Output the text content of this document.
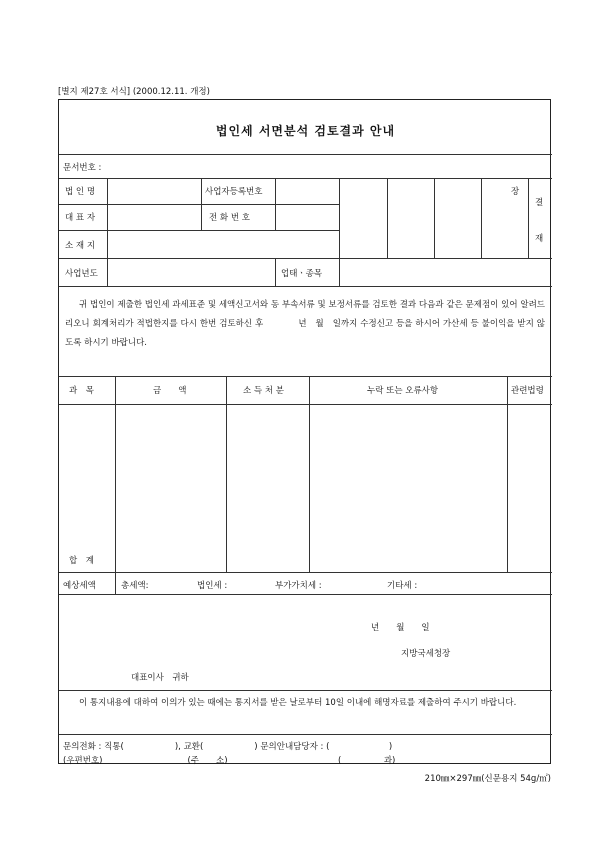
[별지 제27호 서식] (2000.12.11. 개정)
법인세 서면분석 검토결과 안내
문서번호 :
법 인 명	사업자등록번호
대 표 자	전 화 번 호
소 재 지
사업년도	업태ㆍ종목
장
결
재
귀 법인이 제출한 법인세 과세표준 및 세액신고서와 동 부속서류 및 보정서류를 검토한 결과 다음과 같은 문제점이 있어 알려드리오니 회계처리가 적법한지를 다시 한번 검토하신 후　　　　년　월　일까지 수정신고 등을 하시어 가산세 등 불이익을 받지 않도록 하시기 바랍니다.
과　목	금　　액	소 득 처 분	누락 또는 오류사항	관련법령
합　계
예상세액	총세액:	법인세 :	부가가치세 :	기타세 :
년　　월　　일
지방국세청장
대표이사　귀하
이 통지내용에 대하여 이의가 있는 때에는 통지서를 받은 날로부터 10일 이내에 해명자료를 제출하여 주시기 바랍니다.
문의전화 : 직통(　　　　　　), 교환(　　　　　　) 문의안내담당자 : (　　　　　　　)
(우편번호)　　　　　　　　　　(주　　소)　　　　　　　　　　　　　(　　　　　과)
210㎜×297㎜(신문용지 54g/㎡)
